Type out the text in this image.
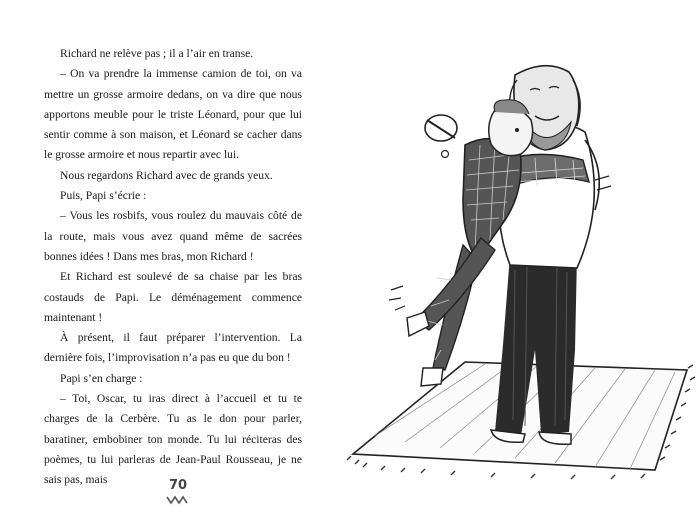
Richard ne relève pas ; il a l’air en transe.

– On va prendre la immense camion de toi, on va mettre un grosse armoire dedans, on va dire que nous apportons meuble pour le triste Léonard, pour que lui sentir comme à son maison, et Léonard se cacher dans le grosse armoire et nous repartir avec lui.

Nous regardons Richard avec de grands yeux.

Puis, Papi s’écrie :

– Vous les rosbifs, vous roulez du mauvais côté de la route, mais vous avez quand même de sacrées bonnes idées ! Dans mes bras, mon Richard !

Et Richard est soulevé de sa chaise par les bras costauds de Papi. Le déménagement commence maintenant !

À présent, il faut préparer l’intervention. La dernière fois, l’improvisation n’a pas eu que du bon !

Papi s’en charge :

– Toi, Oscar, tu iras direct à l’accueil et tu te charges de la Cerbère. Tu as le don pour parler, baratiner, embobiner ton monde. Tu lui réciteras des poèmes, tu lui parleras de Jean-Paul Rousseau, je ne sais pas, mais	70
